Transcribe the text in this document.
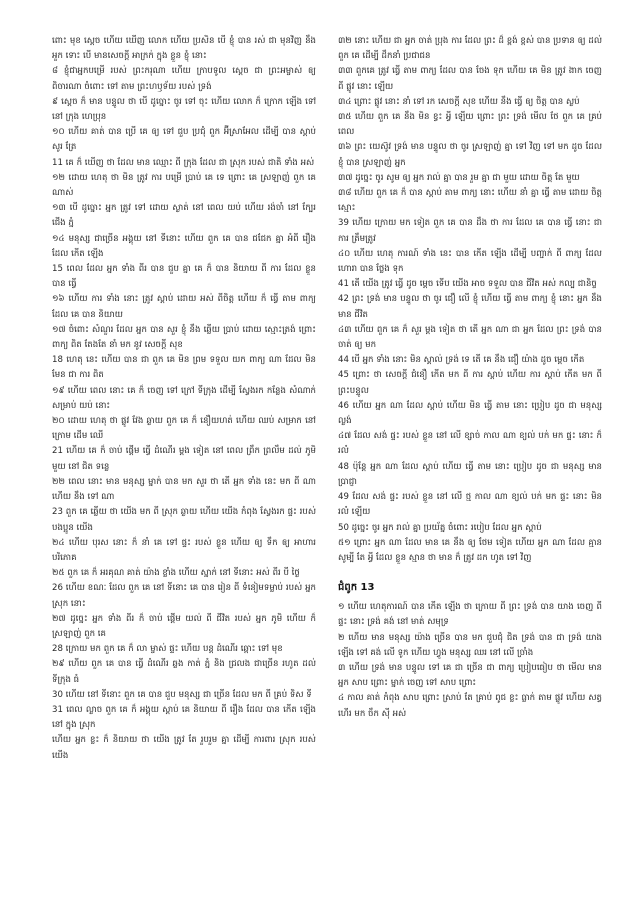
ពោះ មុខ ស្តេច ហើយ ឃើញ លោក ហើយ ប្រសិន បើ ខ្ញុំ បាន រស់ ជា មុនវិញ នឹង អួក ទោះ បើ មានសេចក្ដី អាក្រក់ ក្នុង ខ្លួន ខ្ញុំ នោះ

៨ ខ្ញុំជាអ្នកបម្រើ របស់ ព្រះករុណា ហើយ ក្រាបទូល ស្តេច ជា ព្រះអម្ចាស់ ឲ្យ ពិចារណា ចំពោះ ទៅ តាម ព្រះហឫទ័យ របស់ ទ្រង់

៩ ស្ដេច ក៏ មាន បន្ទូល ថា បើ ដូច្នោះ ចូរ ទៅ ចុះ ហើយ លោក ក៏ ក្រោក ឡើង ទៅ នៅ ក្រុង ហេប្រុន

១០ ហើយ គាត់ បាន ប្រើ គេ ឲ្យ ទៅ ជួប ប្រជុំ ពួក អ៊ីស្រាអែល ដើម្បី បាន ស្ដាប់ សូរ ត្រែ

11 គេ ក៏ ឃើញ ថា ដែល មាន ឈ្មោះ ពី ក្រុង ដែល ជា ស្រុក របស់ ជាតិ ទាំង អស់

១២ ដោយ ហេតុ ថា មិន ត្រូវ ការ បម្រើ ប្រាប់ គេ ទេ ព្រោះ គេ ស្រឡាញ់ ពួក គេ ណាស់

១៣ បើ ដូច្នោះ អ្នក ត្រូវ ទៅ ដោយ ស្ងាត់ នៅ ពេល យប់ ហើយ រង់ចាំ នៅ ក្បែរ ជើង ភ្នំ

១៤ មនុស្ស ជាច្រើន អង្គុយ នៅ ទីនោះ ហើយ ពួក គេ បាន ជជែក គ្នា អំពី រឿង ដែល កើត ឡើង

15 ពេល ដែល អ្នក ទាំង ពីរ បាន ជួប គ្នា គេ ក៏ បាន និយាយ ពី ការ ដែល ខ្លួន បាន ធ្វើ

១៦ ហើយ ការ ទាំង នោះ ត្រូវ ស្ដាប់ ដោយ អស់ ពីចិត្ត ហើយ ក៏ ធ្វើ តាម ពាក្យ ដែល គេ បាន និយាយ

១៧ ចំពោះ សំណួរ ដែល អ្នក បាន សួរ ខ្ញុំ នឹង ឆ្លើយ ប្រាប់ ដោយ ស្មោះត្រង់ ព្រោះ ពាក្យ ពិត តែងតែ នាំ មក នូវ សេចក្ដី សុខ

18 ហេតុ នេះ ហើយ បាន ជា ពួក គេ មិន ព្រម ទទួល យក ពាក្យ ណា ដែល មិន មែន ជា ការ ពិត

១៩ ហើយ ពេល នោះ គេ ក៏ ចេញ ទៅ ក្រៅ ទីក្រុង ដើម្បី ស្វែងរក កន្លែង សំណាក់ សម្រាប់ យប់ នោះ

២០ ដោយ ហេតុ ថា ផ្លូវ វែង ឆ្ងាយ ពួក គេ ក៏ នឿយហត់ ហើយ ឈប់ សម្រាក នៅ ក្រោម ដើម ឈើ

21 ហើយ គេ ក៏ ចាប់ ផ្ដើម ធ្វើ ដំណើរ ម្ដង ទៀត នៅ ពេល ព្រឹក ព្រលឹម ដល់ ភូមិ មួយ នៅ ជិត ទន្លេ

២២ ពេល នោះ មាន មនុស្ស ម្នាក់ បាន មក សួរ ថា តើ អ្នក ទាំង នេះ មក ពី ណា ហើយ នឹង ទៅ ណា

23 ពួក គេ ឆ្លើយ ថា យើង មក ពី ស្រុក ឆ្ងាយ ហើយ យើង កំពុង ស្វែងរក ផ្ទះ របស់ បងប្អូន យើង

២៤ ហើយ បុរស នោះ ក៏ នាំ គេ ទៅ ផ្ទះ របស់ ខ្លួន ហើយ ឲ្យ ទឹក ឲ្យ អាហារ បរិភោគ

២៥ ពួក គេ ក៏ អរគុណ គាត់ យ៉ាង ខ្លាំង ហើយ ស្នាក់ នៅ ទីនោះ អស់ ពីរ បី ថ្ងៃ

26 ហើយ ខណៈ ដែល ពួក គេ នៅ ទីនោះ គេ បាន រៀន ពី ទំនៀមទម្លាប់ របស់ អ្នក ស្រុក នោះ

២៧ ដូច្នេះ អ្នក ទាំង ពីរ ក៏ ចាប់ ផ្ដើម យល់ ពី ជីវិត របស់ អ្នក ភូមិ ហើយ ក៏ ស្រឡាញ់ ពួក គេ

28 ក្រោយ មក ពួក គេ ក៏ លា ម្ចាស់ ផ្ទះ ហើយ បន្ត ដំណើរ ឆ្ពោះ ទៅ មុខ

២៩ ហើយ ពួក គេ បាន ធ្វើ ដំណើរ ឆ្លង កាត់ ភ្នំ និង ជ្រលង ជាច្រើន រហូត ដល់ ទីក្រុង ធំ

30 ហើយ នៅ ទីនោះ ពួក គេ បាន ជួប មនុស្ស ជា ច្រើន ដែល មក ពី គ្រប់ ទិស ទី

31 ពេល ល្ងាច ពួក គេ ក៏ អង្គុយ ស្ដាប់ គេ និយាយ ពី រឿង ដែល បាន កើត ឡើង នៅ ក្នុង ស្រុក

ហើយ អ្នក ខ្លះ ក៏ និយាយ ថា យើង ត្រូវ តែ រួបរួម គ្នា ដើម្បី ការពារ ស្រុក របស់ យើង

៣២ នោះ ហើយ ជា អ្នក ចាត់ ប្រុង ការ ដែល ព្រះ ដ៏ ខ្ពង់ ខ្ពស់ បាន ប្រទាន ឲ្យ ដល់ ពួក គេ ដើម្បី ដឹកនាំ ប្រជាជន

៣៣ ពួកគេ ត្រូវ ធ្វើ តាម ពាក្យ ដែល បាន ចែង ទុក ហើយ គេ មិន ត្រូវ ងាក ចេញ ពី ផ្លូវ នោះ ឡើយ

៣៤ ព្រោះ ផ្លូវ នោះ នាំ ទៅ រក សេចក្ដី សុខ ហើយ នឹង ធ្វើ ឲ្យ ចិត្ត បាន ស្ងប់

៣៥ ហើយ ពួក គេ នឹង មិន ខ្វះ អ្វី ឡើយ ព្រោះ ព្រះ ទ្រង់ មើល ថែ ពួក គេ គ្រប់ ពេល

៣៦ ព្រះ យេស៊ូវ ទ្រង់ មាន បន្ទូល ថា ចូរ ស្រឡាញ់ គ្នា ទៅ វិញ ទៅ មក ដូច ដែល ខ្ញុំ បាន ស្រឡាញ់ អ្នក

៣៧ ដូច្នេះ ចូរ សូម ឲ្យ អ្នក រាល់ គ្នា បាន រួម គ្នា ជា មួយ ដោយ ចិត្ត តែ មួយ

៣៨ ហើយ ពួក គេ ក៏ បាន ស្ដាប់ តាម ពាក្យ នោះ ហើយ នាំ គ្នា ធ្វើ តាម ដោយ ចិត្ត ស្មោះ

39 ហើយ ក្រោយ មក ទៀត ពួក គេ បាន ដឹង ថា ការ ដែល គេ បាន ធ្វើ នោះ ជា ការ ត្រឹមត្រូវ

៤០ ហើយ ហេតុ ការណ៍ ទាំង នេះ បាន កើត ឡើង ដើម្បី បញ្ជាក់ ពី ពាក្យ ដែល ហោរា បាន ថ្លែង ទុក

41 តើ យើង ត្រូវ ធ្វើ ដូច ម្ដេច ទើប យើង អាច ទទួល បាន ជីវិត អស់ កល្ប ជានិច្ច

42 ព្រះ ទ្រង់ មាន បន្ទូល ថា ចូរ ជឿ លើ ខ្ញុំ ហើយ ធ្វើ តាម ពាក្យ ខ្ញុំ នោះ អ្នក នឹង មាន ជីវិត

៤៣ ហើយ ពួក គេ ក៏ សួរ ម្ដង ទៀត ថា តើ អ្នក ណា ជា អ្នក ដែល ព្រះ ទ្រង់ បាន ចាត់ ឲ្យ មក

44 បើ អ្នក ទាំង នោះ មិន ស្គាល់ ទ្រង់ ទេ តើ គេ នឹង ជឿ យ៉ាង ដូច ម្ដេច កើត

45 ព្រោះ ថា សេចក្ដី ជំនឿ កើត មក ពី ការ ស្ដាប់ ហើយ ការ ស្ដាប់ កើត មក ពី ព្រះបន្ទូល

46 ហើយ អ្នក ណា ដែល ស្ដាប់ ហើយ មិន ធ្វើ តាម នោះ ប្រៀប ដូច ជា មនុស្ស ល្ងង់

៤៧ ដែល សង់ ផ្ទះ របស់ ខ្លួន នៅ លើ ខ្សាច់ កាល ណា ខ្យល់ បក់ មក ផ្ទះ នោះ ក៏ រលំ

48 ប៉ុន្តែ អ្នក ណា ដែល ស្ដាប់ ហើយ ធ្វើ តាម នោះ ប្រៀប ដូច ជា មនុស្ស មាន ប្រាជ្ញា

49 ដែល សង់ ផ្ទះ របស់ ខ្លួន នៅ លើ ថ្ម កាល ណា ខ្យល់ បក់ មក ផ្ទះ នោះ មិន រលំ ឡើយ

50 ដូច្នេះ ចូរ អ្នក រាល់ គ្នា ប្រយ័ត្ន ចំពោះ របៀប ដែល អ្នក ស្ដាប់

៥១ ព្រោះ អ្នក ណា ដែល មាន គេ នឹង ឲ្យ ថែម ទៀត ហើយ អ្នក ណា ដែល គ្មាន សូម្បី តែ អ្វី ដែល ខ្លួន ស្មាន ថា មាន ក៏ ត្រូវ ដក ហូត ទៅ វិញ

ជំពូក 13

១ ហើយ ហេតុការណ៍ បាន កើត ឡើង ថា ក្រោយ ពី ព្រះ ទ្រង់ បាន យាង ចេញ ពី ផ្ទះ នោះ ទ្រង់ គង់ នៅ មាត់ សមុទ្រ

២ ហើយ មាន មនុស្ស យ៉ាង ច្រើន បាន មក ជួបជុំ ជិត ទ្រង់ បាន ជា ទ្រង់ យាង ឡើង ទៅ គង់ លើ ទូក ហើយ ហ្វូង មនុស្ស ឈរ នៅ លើ ច្រាំង

៣ ហើយ ទ្រង់ មាន បន្ទូល ទៅ គេ ជា ច្រើន ជា ពាក្យ ប្រៀបធៀប ថា មើល មាន អ្នក សាប ព្រោះ ម្នាក់ ចេញ ទៅ សាប ព្រោះ

៤ កាល គាត់ កំពុង សាប ព្រោះ ស្រាប់ តែ គ្រាប់ ពូជ ខ្លះ ធ្លាក់ តាម ផ្លូវ ហើយ សត្វ ហើរ មក ចឹក ស៊ី អស់
